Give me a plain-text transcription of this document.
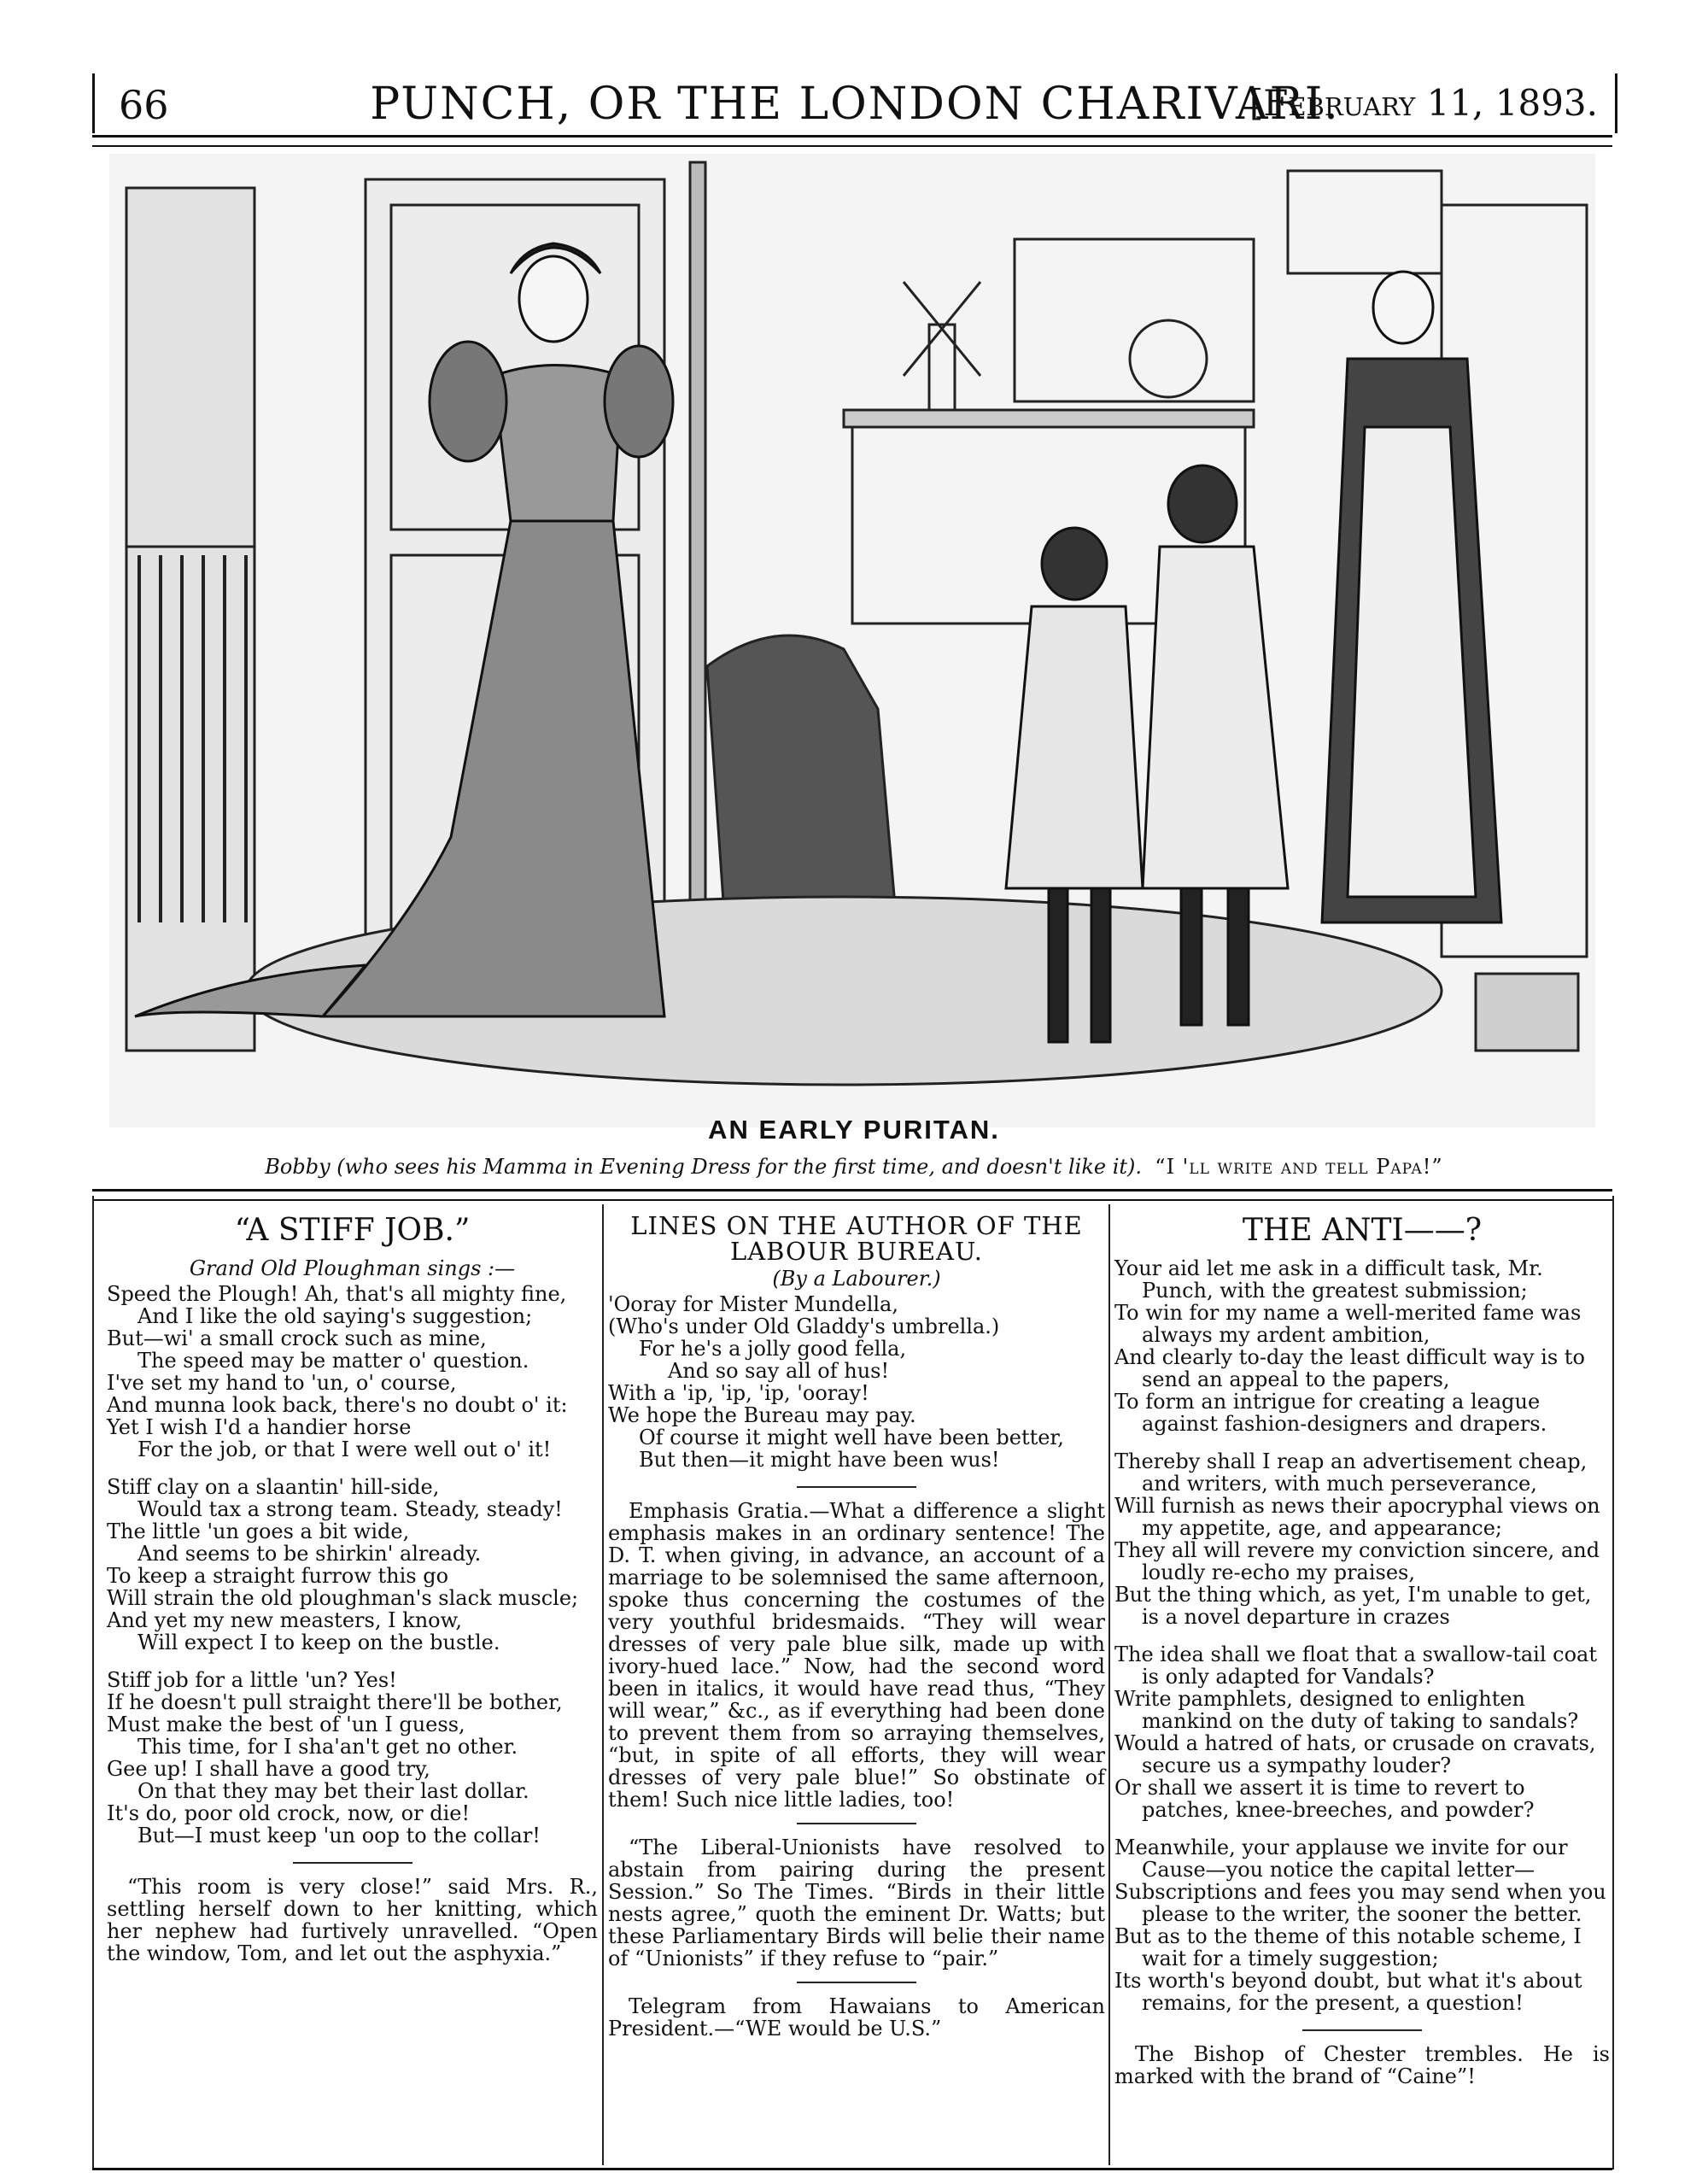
66	PUNCH, OR THE LONDON CHARIVARI.
[February 11, 1893.
AN EARLY PURITAN.
Bobby (who sees his Mamma in Evening Dress for the first time, and doesn't like it). “I 'll write and tell Papa!”
“A STIFF JOB.”
Grand Old Ploughman sings :—
Speed the Plough! Ah, that's all mighty fine,
And I like the old saying's suggestion;
But—wi' a small crock such as mine,
The speed may be matter o' question.
I've set my hand to 'un, o' course,
And munna look back, there's no doubt o' it:
Yet I wish I'd a handier horse
For the job, or that I were well out o' it!
Stiff clay on a slaantin' hill-side,
Would tax a strong team. Steady, steady!
The little 'un goes a bit wide,
And seems to be shirkin' already.
To keep a straight furrow this go
Will strain the old ploughman's slack muscle;
And yet my new measters, I know,
Will expect I to keep on the bustle.
Stiff job for a little 'un? Yes!
If he doesn't pull straight there'll be bother,
Must make the best of 'un I guess,
This time, for I sha'an't get no other.
Gee up! I shall have a good try,
On that they may bet their last dollar.
It's do, poor old crock, now, or die!
But—I must keep 'un oop to the collar!
“This room is very close!” said Mrs. R., settling herself down to her knitting, which her nephew had furtively unravelled. “Open the window, Tom, and let out the asphyxia.”
LINES ON THE AUTHOR OF THE LABOUR BUREAU.
(By a Labourer.)
'Ooray for Mister Mundella,
(Who's under Old Gladdy's umbrella.)
For he's a jolly good fella,
And so say all of hus!
With a 'ip, 'ip, 'ip, 'ooray!
We hope the Bureau may pay.
Of course it might well have been better,
But then—it might have been wus!
Emphasis Gratia.—What a difference a slight emphasis makes in an ordinary sentence! The D. T. when giving, in advance, an account of a marriage to be solemnised the same afternoon, spoke thus concerning the costumes of the very youthful bridesmaids. “They will wear dresses of very pale blue silk, made up with ivory-hued lace.” Now, had the second word been in italics, it would have read thus, “They will wear,” &c., as if everything had been done to prevent them from so arraying themselves, “but, in spite of all efforts, they will wear dresses of very pale blue!” So obstinate of them! Such nice little ladies, too!
“The Liberal-Unionists have resolved to abstain from pairing during the present Session.” So The Times. “Birds in their little nests agree,” quoth the eminent Dr. Watts; but these Parliamentary Birds will belie their name of “Unionists” if they refuse to “pair.”
Telegram from Hawaians to American President.—“WE would be U.S.”
THE ANTI——?
Your aid let me ask in a difficult task, Mr. Punch, with the greatest submission;
To win for my name a well-merited fame was always my ardent ambition,
And clearly to-day the least difficult way is to send an appeal to the papers,
To form an intrigue for creating a league against fashion-designers and drapers.
Thereby shall I reap an advertisement cheap, and writers, with much perseverance,
Will furnish as news their apocryphal views on my appetite, age, and appearance;
They all will revere my conviction sincere, and loudly re-echo my praises,
But the thing which, as yet, I'm unable to get, is a novel departure in crazes
The idea shall we float that a swallow-tail coat is only adapted for Vandals?
Write pamphlets, designed to enlighten mankind on the duty of taking to sandals?
Would a hatred of hats, or crusade on cravats, secure us a sympathy louder?
Or shall we assert it is time to revert to patches, knee-breeches, and powder?
Meanwhile, your applause we invite for our Cause—you notice the capital letter—
Subscriptions and fees you may send when you please to the writer, the sooner the better.
But as to the theme of this notable scheme, I wait for a timely suggestion;
Its worth's beyond doubt, but what it's about remains, for the present, a question!
The Bishop of Chester trembles. He is marked with the brand of “Caine”!
